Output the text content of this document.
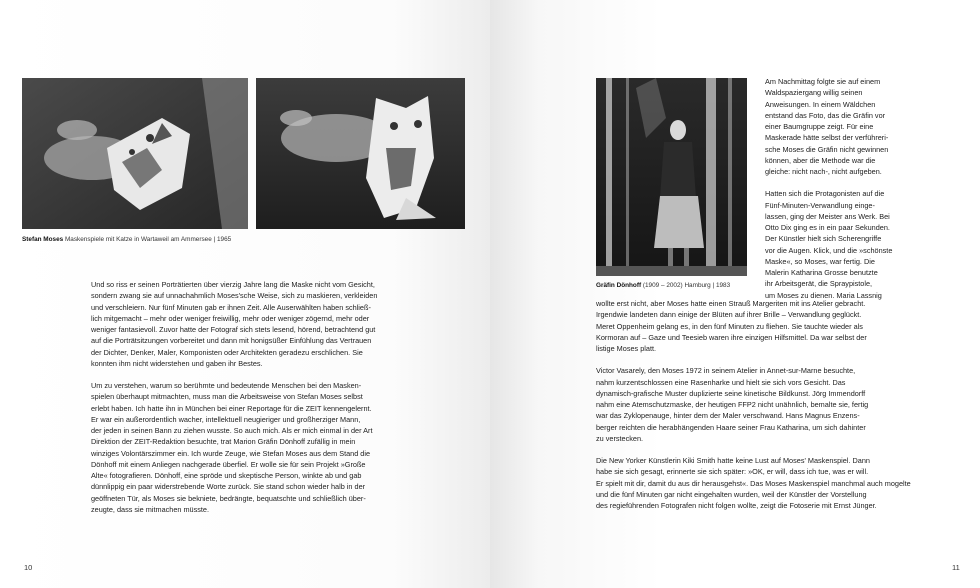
Stefan Moses Maskenspiele mit Katze in Wartaweil am Ammersee | 1965

Und so riss er seinen Porträtierten über vierzig Jahre lang die Maske nicht vom Gesicht,
sondern zwang sie auf unnachahmlich Moses'sche Weise, sich zu maskieren, verkleiden
und verschleiern. Nur fünf Minuten gab er ihnen Zeit. Alle Auserwählten haben schließ-
lich mitgemacht – mehr oder weniger freiwillig, mehr oder weniger zögernd, mehr oder
weniger fantasievoll. Zuvor hatte der Fotograf sich stets lesend, hörend, betrachtend gut
auf die Porträtsitzungen vorbereitet und dann mit honigsüßer Einfühlung das Vertrauen
der Dichter, Denker, Maler, Komponisten oder Architekten geradezu erschlichen. Sie
konnten ihm nicht widerstehen und gaben ihr Bestes.

Um zu verstehen, warum so berühmte und bedeutende Menschen bei den Masken-
spielen überhaupt mitmachten, muss man die Arbeitsweise von Stefan Moses selbst
erlebt haben. Ich hatte ihn in München bei einer Reportage für die ZEIT kennengelernt.
Er war ein außerordentlich wacher, intellektuell neugieriger und großherziger Mann,
der jeden in seinen Bann zu ziehen wusste. So auch mich. Als er mich einmal in der Art
Direktion der ZEIT-Redaktion besuchte, trat Marion Gräfin Dönhoff zufällig in mein
winziges Volontärszimmer ein. Ich wurde Zeuge, wie Stefan Moses aus dem Stand die
Dönhoff mit einem Anliegen nachgerade überfiel. Er wolle sie für sein Projekt »Große
Alte« fotografieren. Dönhoff, eine spröde und skeptische Person, winkte ab und gab
dünnlippig ein paar widerstrebende Worte zurück. Sie stand schon wieder halb in der
geöffneten Tür, als Moses sie bekniete, bedrängte, bequatschte und schließlich über-
zeugte, dass sie mitmachen müsste.

10
Gräfin Dönhoff (1909 – 2002) Hamburg | 1983

Am Nachmittag folgte sie auf einem
Waldspaziergang willig seinen
Anweisungen. In einem Wäldchen
entstand das Foto, das die Gräfin vor
einer Baumgruppe zeigt. Für eine
Maskerade hätte selbst der verführeri-
sche Moses die Gräfin nicht gewinnen
können, aber die Methode war die
gleiche: nicht nach-, nicht aufgeben.

Hatten sich die Protagonisten auf die
Fünf-Minuten-Verwandlung einge-
lassen, ging der Meister ans Werk. Bei
Otto Dix ging es in ein paar Sekunden.
Der Künstler hielt sich Scherengriffe
vor die Augen. Klick, und die »schönste
Maske«, so Moses, war fertig. Die
Malerin Katharina Grosse benutzte
ihr Arbeitsgerät, die Spraypistole,
um Moses zu dienen. Maria Lassnig

wollte erst nicht, aber Moses hatte einen Strauß Margeriten mit ins Atelier gebracht.
Irgendwie landeten dann einige der Blüten auf ihrer Brille – Verwandlung geglückt.
Meret Oppenheim gelang es, in den fünf Minuten zu fliehen. Sie tauchte wieder als
Kormoran auf – Gaze und Teesieb waren ihre einzigen Hilfsmittel. Da war selbst der
listige Moses platt.

Victor Vasarely, den Moses 1972 in seinem Atelier in Annet-sur-Marne besuchte,
nahm kurzentschlossen eine Rasenharke und hielt sie sich vors Gesicht. Das
dynamisch-grafische Muster duplizierte seine kinetische Bildkunst. Jörg Immendorff
nahm eine Atemschutzmaske, der heutigen FFP2 nicht unähnlich, bemalte sie, fertig
war das Zyklopenauge, hinter dem der Maler verschwand. Hans Magnus Enzens-
berger reichten die herabhängenden Haare seiner Frau Katharina, um sich dahinter
zu verstecken.

Die New Yorker Künstlerin Kiki Smith hatte keine Lust auf Moses' Maskenspiel. Dann
habe sie sich gesagt, erinnerte sie sich später: »OK, er will, dass ich tue, was er will.
Er spielt mit dir, damit du aus dir herausgehst«. Das Moses Maskenspiel manchmal auch mogelte
und die fünf Minuten gar nicht eingehalten wurden, weil der Künstler der Vorstellung
des regieführenden Fotografen nicht folgen wollte, zeigt die Fotoserie mit Ernst Jünger.

11
